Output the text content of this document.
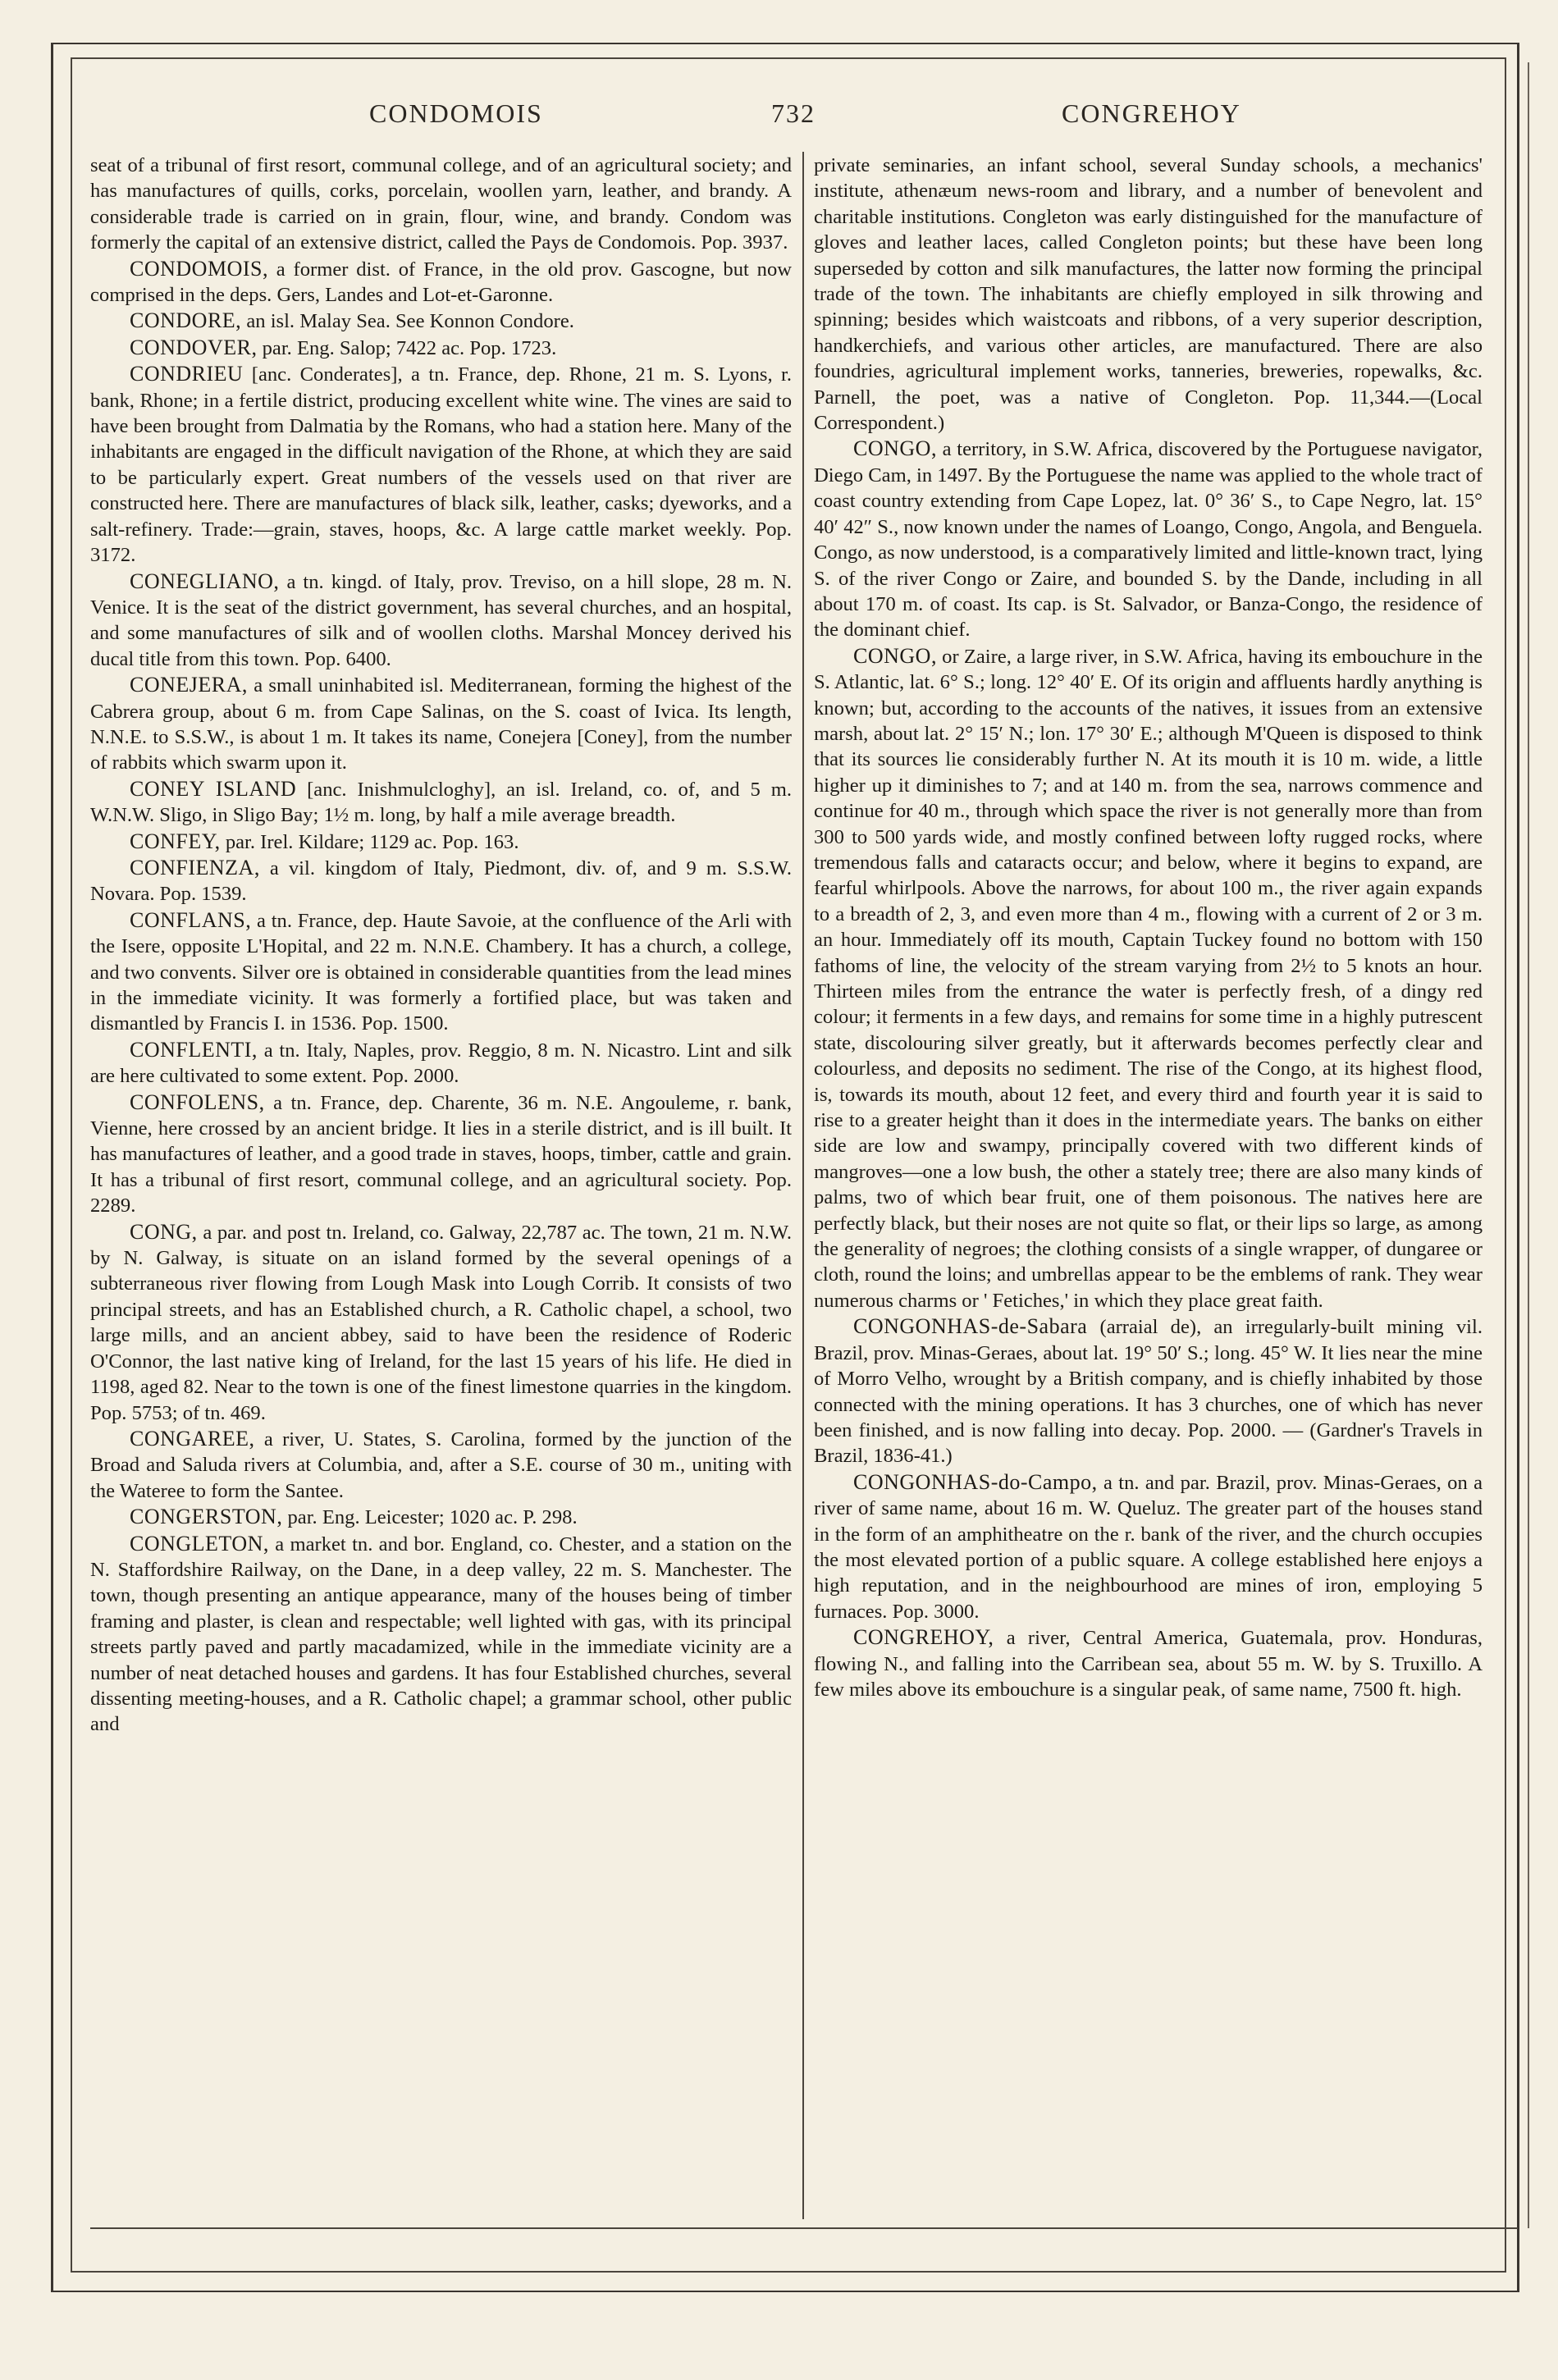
CONDOMOIS	732	CONGREHOY

seat of a tribunal of first resort, communal college, and of an agricultural society; and has manufactures of quills, corks, porcelain, woollen yarn, leather, and brandy. A considerable trade is carried on in grain, flour, wine, and brandy. Condom was formerly the capital of an extensive district, called the Pays de Condomois. Pop. 3937.

CONDOMOIS, a former dist. of France, in the old prov. Gascogne, but now comprised in the deps. Gers, Landes and Lot-et-Garonne.

CONDORE, an isl. Malay Sea. See Konnon Condore.

CONDOVER, par. Eng. Salop; 7422 ac. Pop. 1723.

CONDRIEU [anc. Conderates], a tn. France, dep. Rhone, 21 m. S. Lyons, r. bank, Rhone; in a fertile district, producing excellent white wine. The vines are said to have been brought from Dalmatia by the Romans, who had a station here. Many of the inhabitants are engaged in the difficult navigation of the Rhone, at which they are said to be particularly expert. Great numbers of the vessels used on that river are constructed here. There are manufactures of black silk, leather, casks; dyeworks, and a salt-refinery. Trade:—grain, staves, hoops, &c. A large cattle market weekly. Pop. 3172.

CONEGLIANO, a tn. kingd. of Italy, prov. Treviso, on a hill slope, 28 m. N. Venice. It is the seat of the district government, has several churches, and an hospital, and some manufactures of silk and of woollen cloths. Marshal Moncey derived his ducal title from this town. Pop. 6400.

CONEJERA, a small uninhabited isl. Mediterranean, forming the highest of the Cabrera group, about 6 m. from Cape Salinas, on the S. coast of Ivica. Its length, N.N.E. to S.S.W., is about 1 m. It takes its name, Conejera [Coney], from the number of rabbits which swarm upon it.

CONEY ISLAND [anc. Inishmulcloghy], an isl. Ireland, co. of, and 5 m. W.N.W. Sligo, in Sligo Bay; 1½ m. long, by half a mile average breadth.

CONFEY, par. Irel. Kildare; 1129 ac. Pop. 163.

CONFIENZA, a vil. kingdom of Italy, Piedmont, div. of, and 9 m. S.S.W. Novara. Pop. 1539.

CONFLANS, a tn. France, dep. Haute Savoie, at the confluence of the Arli with the Isere, opposite L'Hopital, and 22 m. N.N.E. Chambery. It has a church, a college, and two convents. Silver ore is obtained in considerable quantities from the lead mines in the immediate vicinity. It was formerly a fortified place, but was taken and dismantled by Francis I. in 1536. Pop. 1500.

CONFLENTI, a tn. Italy, Naples, prov. Reggio, 8 m. N. Nicastro. Lint and silk are here cultivated to some extent. Pop. 2000.

CONFOLENS, a tn. France, dep. Charente, 36 m. N.E. Angouleme, r. bank, Vienne, here crossed by an ancient bridge. It lies in a sterile district, and is ill built. It has manufactures of leather, and a good trade in staves, hoops, timber, cattle and grain. It has a tribunal of first resort, communal college, and an agricultural society. Pop. 2289.

CONG, a par. and post tn. Ireland, co. Galway, 22,787 ac. The town, 21 m. N.W. by N. Galway, is situate on an island formed by the several openings of a subterraneous river flowing from Lough Mask into Lough Corrib. It consists of two principal streets, and has an Established church, a R. Catholic chapel, a school, two large mills, and an ancient abbey, said to have been the residence of Roderic O'Connor, the last native king of Ireland, for the last 15 years of his life. He died in 1198, aged 82. Near to the town is one of the finest limestone quarries in the kingdom. Pop. 5753; of tn. 469.

CONGAREE, a river, U. States, S. Carolina, formed by the junction of the Broad and Saluda rivers at Columbia, and, after a S.E. course of 30 m., uniting with the Wateree to form the Santee.

CONGERSTON, par. Eng. Leicester; 1020 ac. P. 298.

CONGLETON, a market tn. and bor. England, co. Chester, and a station on the N. Staffordshire Railway, on the Dane, in a deep valley, 22 m. S. Manchester. The town, though presenting an antique appearance, many of the houses being of timber framing and plaster, is clean and respectable; well lighted with gas, with its principal streets partly paved and partly macadamized, while in the immediate vicinity are a number of neat detached houses and gardens. It has four Established churches, several dissenting meeting-houses, and a R. Catholic chapel; a grammar school, other public and

private seminaries, an infant school, several Sunday schools, a mechanics' institute, athenæum news-room and library, and a number of benevolent and charitable institutions. Congleton was early distinguished for the manufacture of gloves and leather laces, called Congleton points; but these have been long superseded by cotton and silk manufactures, the latter now forming the principal trade of the town. The inhabitants are chiefly employed in silk throwing and spinning; besides which waistcoats and ribbons, of a very superior description, handkerchiefs, and various other articles, are manufactured. There are also foundries, agricultural implement works, tanneries, breweries, ropewalks, &c. Parnell, the poet, was a native of Congleton. Pop. 11,344.—(Local Correspondent.)

CONGO, a territory, in S.W. Africa, discovered by the Portuguese navigator, Diego Cam, in 1497. By the Portuguese the name was applied to the whole tract of coast country extending from Cape Lopez, lat. 0° 36′ S., to Cape Negro, lat. 15° 40′ 42″ S., now known under the names of Loango, Congo, Angola, and Benguela. Congo, as now understood, is a comparatively limited and little-known tract, lying S. of the river Congo or Zaire, and bounded S. by the Dande, including in all about 170 m. of coast. Its cap. is St. Salvador, or Banza-Congo, the residence of the dominant chief.

CONGO, or Zaire, a large river, in S.W. Africa, having its embouchure in the S. Atlantic, lat. 6° S.; long. 12° 40′ E. Of its origin and affluents hardly anything is known; but, according to the accounts of the natives, it issues from an extensive marsh, about lat. 2° 15′ N.; lon. 17° 30′ E.; although M'Queen is disposed to think that its sources lie considerably further N. At its mouth it is 10 m. wide, a little higher up it diminishes to 7; and at 140 m. from the sea, narrows commence and continue for 40 m., through which space the river is not generally more than from 300 to 500 yards wide, and mostly confined between lofty rugged rocks, where tremendous falls and cataracts occur; and below, where it begins to expand, are fearful whirlpools. Above the narrows, for about 100 m., the river again expands to a breadth of 2, 3, and even more than 4 m., flowing with a current of 2 or 3 m. an hour. Immediately off its mouth, Captain Tuckey found no bottom with 150 fathoms of line, the velocity of the stream varying from 2½ to 5 knots an hour. Thirteen miles from the entrance the water is perfectly fresh, of a dingy red colour; it ferments in a few days, and remains for some time in a highly putrescent state, discolouring silver greatly, but it afterwards becomes perfectly clear and colourless, and deposits no sediment. The rise of the Congo, at its highest flood, is, towards its mouth, about 12 feet, and every third and fourth year it is said to rise to a greater height than it does in the intermediate years. The banks on either side are low and swampy, principally covered with two different kinds of mangroves—one a low bush, the other a stately tree; there are also many kinds of palms, two of which bear fruit, one of them poisonous. The natives here are perfectly black, but their noses are not quite so flat, or their lips so large, as among the generality of negroes; the clothing consists of a single wrapper, of dungaree or cloth, round the loins; and umbrellas appear to be the emblems of rank. They wear numerous charms or ' Fetiches,' in which they place great faith.

CONGONHAS-de-Sabara (arraial de), an irregularly-built mining vil. Brazil, prov. Minas-Geraes, about lat. 19° 50′ S.; long. 45° W. It lies near the mine of Morro Velho, wrought by a British company, and is chiefly inhabited by those connected with the mining operations. It has 3 churches, one of which has never been finished, and is now falling into decay. Pop. 2000. — (Gardner's Travels in Brazil, 1836-41.)

CONGONHAS-do-Campo, a tn. and par. Brazil, prov. Minas-Geraes, on a river of same name, about 16 m. W. Queluz. The greater part of the houses stand in the form of an amphitheatre on the r. bank of the river, and the church occupies the most elevated portion of a public square. A college established here enjoys a high reputation, and in the neighbourhood are mines of iron, employing 5 furnaces. Pop. 3000.

CONGREHOY, a river, Central America, Guatemala, prov. Honduras, flowing N., and falling into the Carribean sea, about 55 m. W. by S. Truxillo. A few miles above its embouchure is a singular peak, of same name, 7500 ft. high.
